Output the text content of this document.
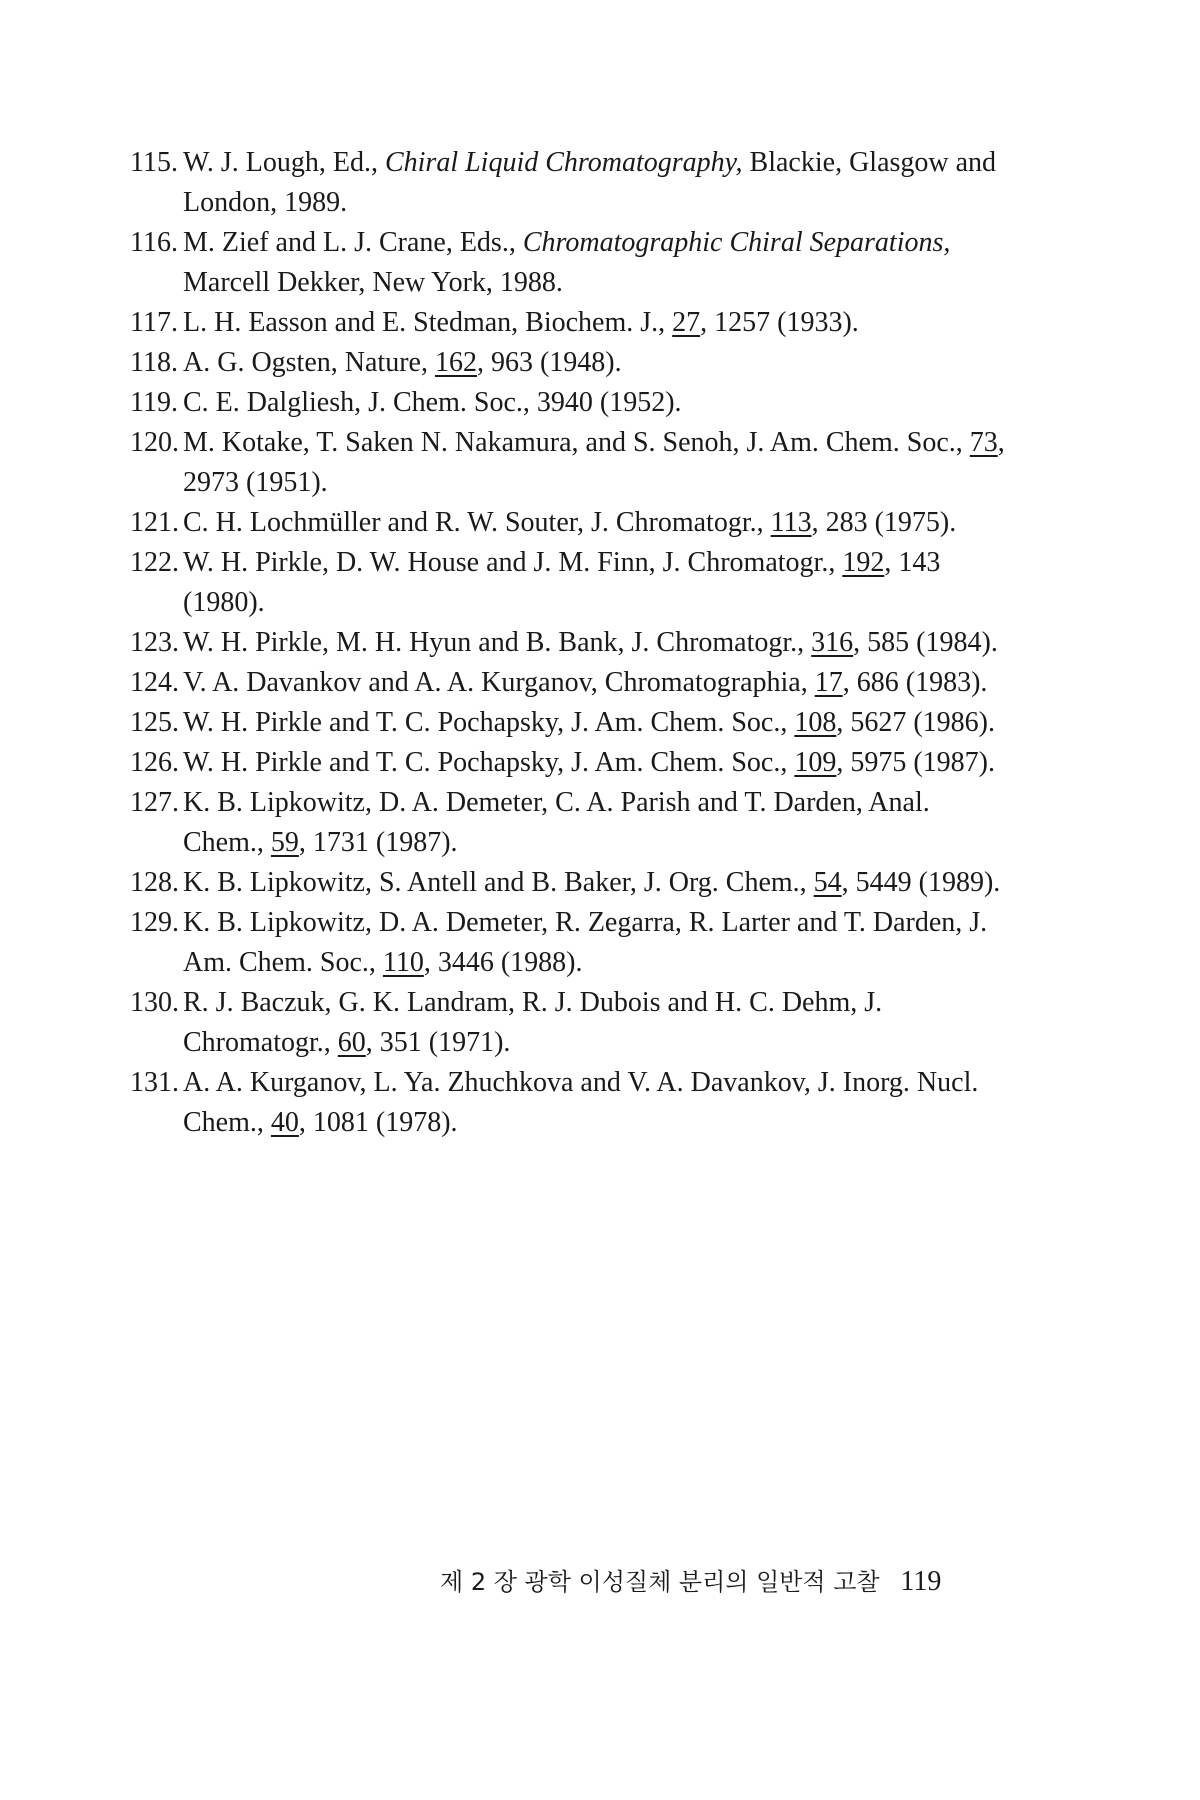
115. W. J. Lough, Ed., Chiral Liquid Chromatography, Blackie, Glasgow and London, 1989.
116. M. Zief and L. J. Crane, Eds., Chromatographic Chiral Separations, Marcell Dekker, New York, 1988.
117. L. H. Easson and E. Stedman, Biochem. J., 27, 1257 (1933).
118. A. G. Ogsten, Nature, 162, 963 (1948).
119. C. E. Dalgliesh, J. Chem. Soc., 3940 (1952).
120. M. Kotake, T. Saken N. Nakamura, and S. Senoh, J. Am. Chem. Soc., 73, 2973 (1951).
121. C. H. Lochmüller and R. W. Souter, J. Chromatogr., 113, 283 (1975).
122. W. H. Pirkle, D. W. House and J. M. Finn, J. Chromatogr., 192, 143 (1980).
123. W. H. Pirkle, M. H. Hyun and B. Bank, J. Chromatogr., 316, 585 (1984).
124. V. A. Davankov and A. A. Kurganov, Chromatographia, 17, 686 (1983).
125. W. H. Pirkle and T. C. Pochapsky, J. Am. Chem. Soc., 108, 5627 (1986).
126. W. H. Pirkle and T. C. Pochapsky, J. Am. Chem. Soc., 109, 5975 (1987).
127. K. B. Lipkowitz, D. A. Demeter, C. A. Parish and T. Darden, Anal. Chem., 59, 1731 (1987).
128. K. B. Lipkowitz, S. Antell and B. Baker, J. Org. Chem., 54, 5449 (1989).
129. K. B. Lipkowitz, D. A. Demeter, R. Zegarra, R. Larter and T. Darden, J. Am. Chem. Soc., 110, 3446 (1988).
130. R. J. Baczuk, G. K. Landram, R. J. Dubois and H. C. Dehm, J. Chromatogr., 60, 351 (1971).
131. A. A. Kurganov, L. Ya. Zhuchkova and V. A. Davankov, J. Inorg. Nucl. Chem., 40, 1081 (1978).
제 2 장 광학 이성질체 분리의 일반적 고찰 119
